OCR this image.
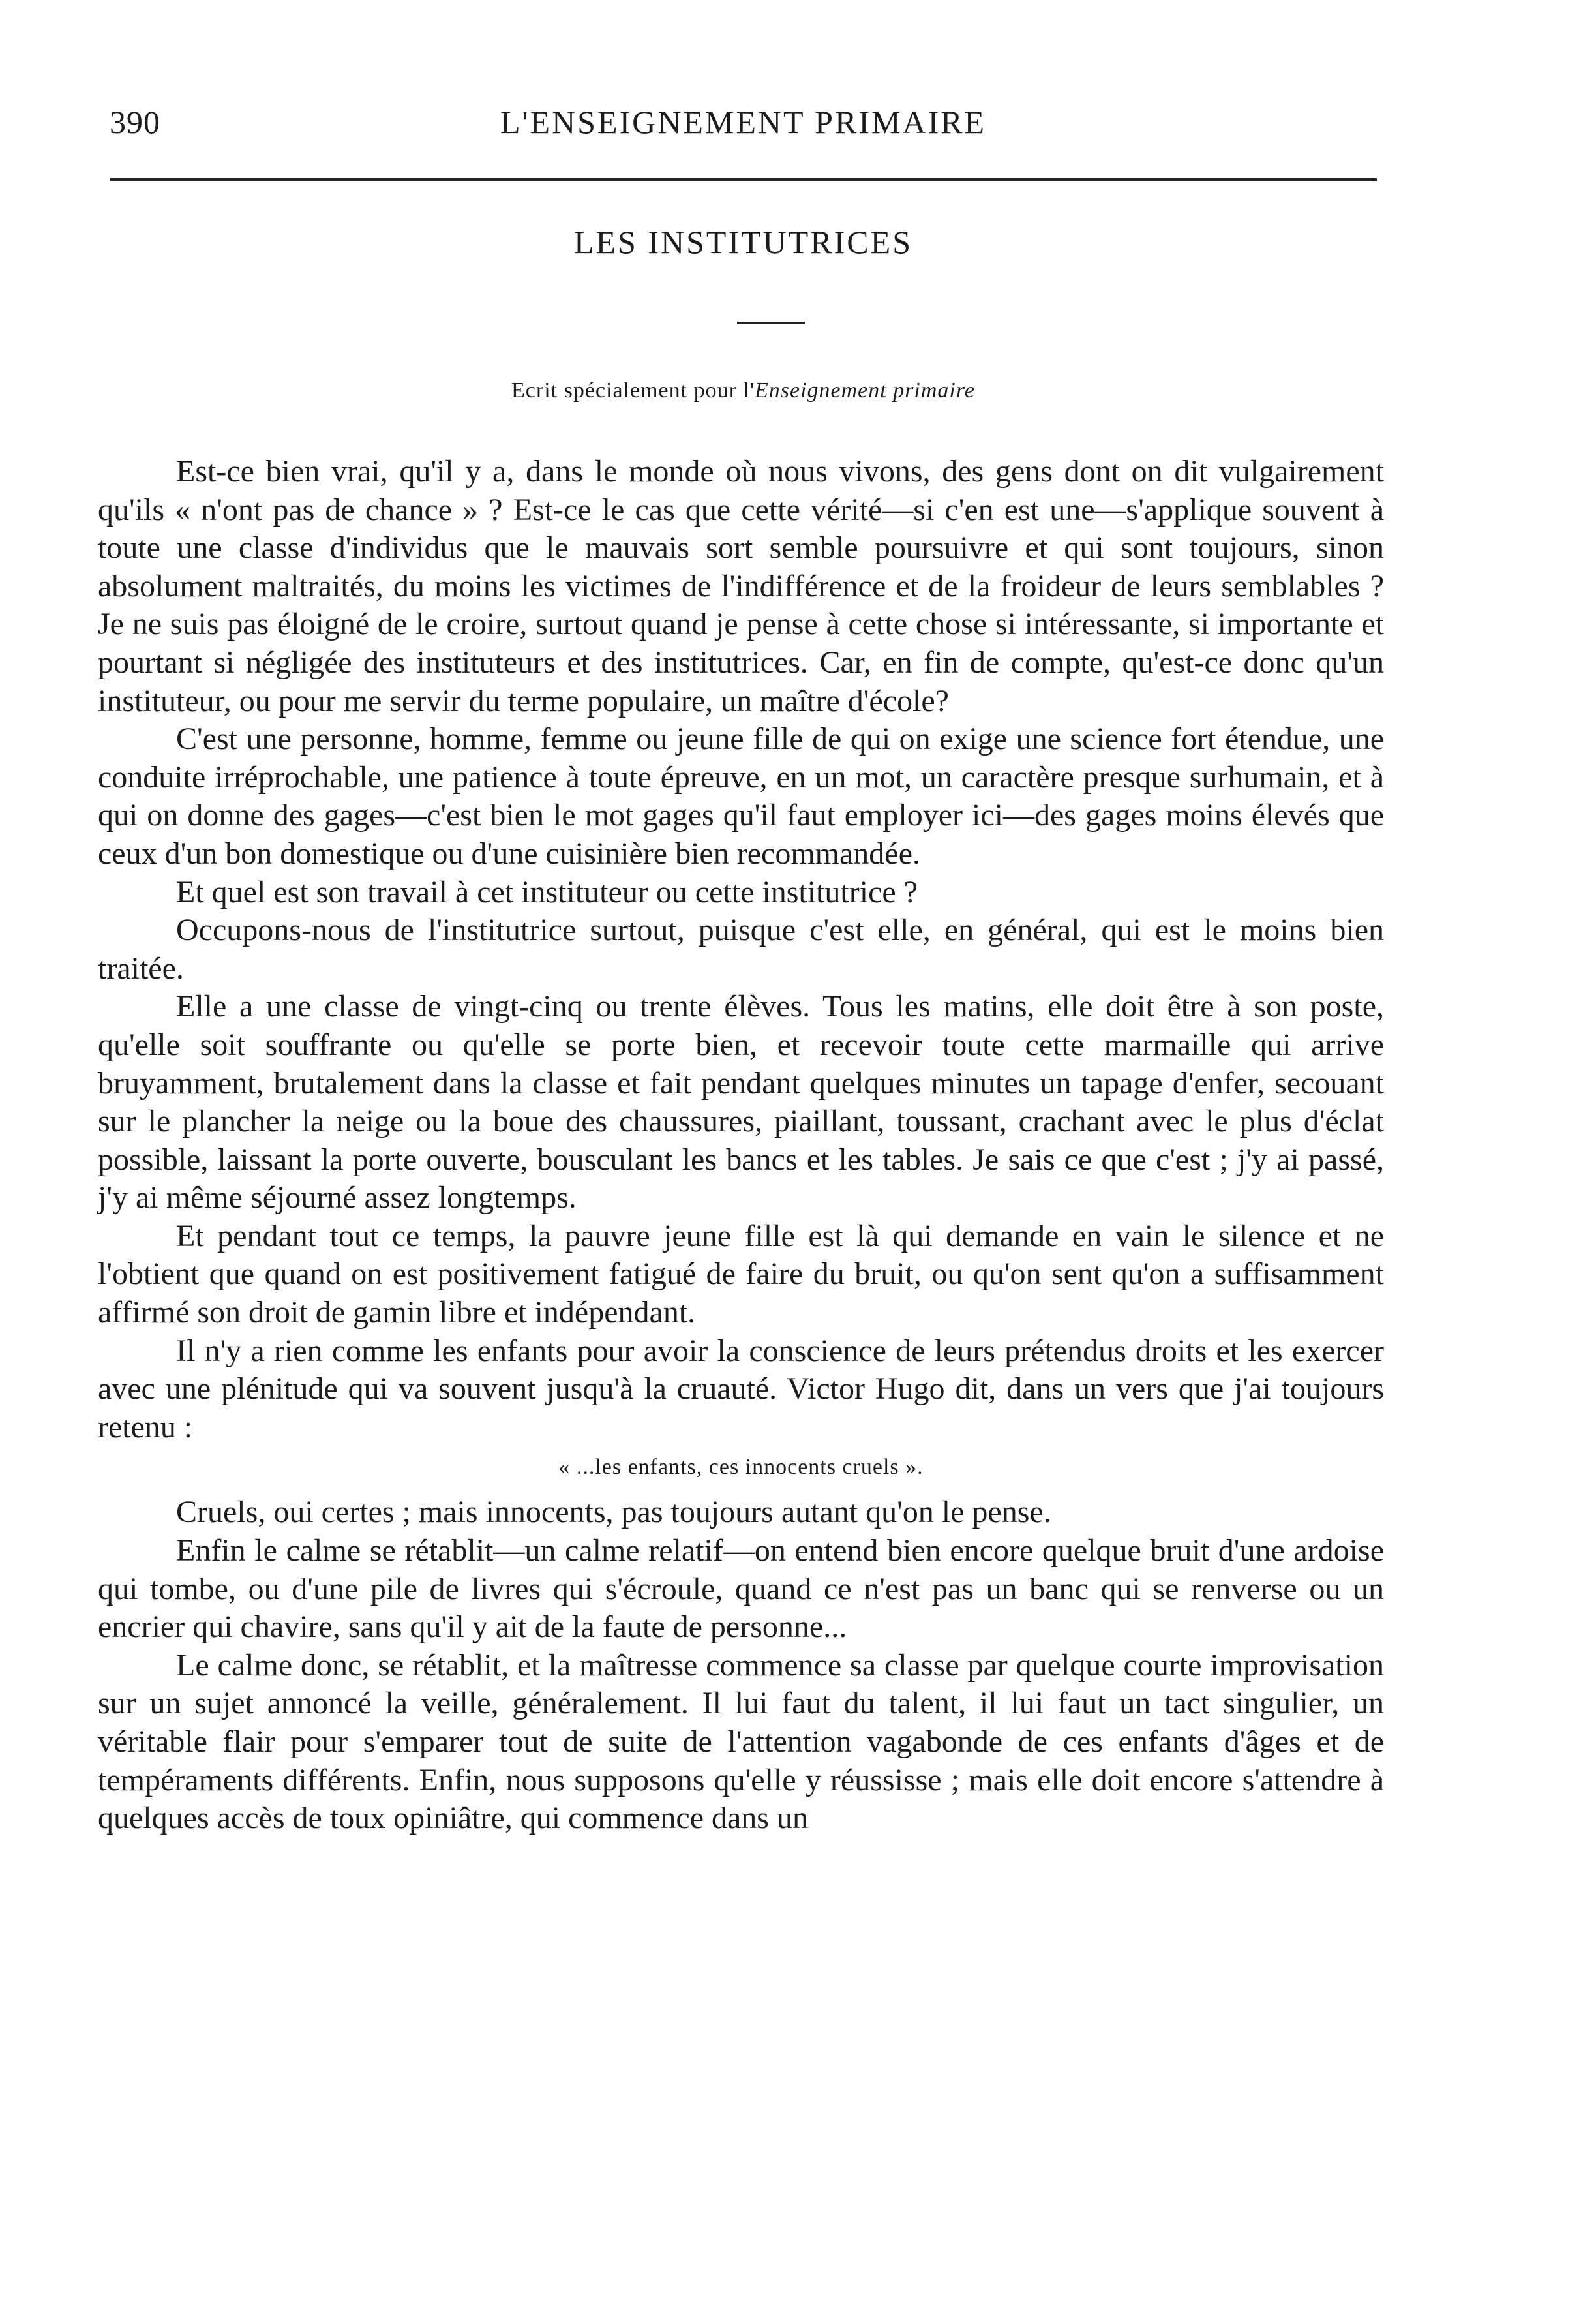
390	L'ENSEIGNEMENT PRIMAIRE
LES INSTITUTRICES
Ecrit spécialement pour l'Enseignement primaire

Est-ce bien vrai, qu'il y a, dans le monde où nous vivons, des gens dont on dit vulgairement qu'ils « n'ont pas de chance » ? Est-ce le cas que cette vérité—si c'en est une—s'applique souvent à toute une classe d'individus que le mauvais sort semble poursuivre et qui sont toujours, sinon absolument maltraités, du moins les victimes de l'indifférence et de la froideur de leurs semblables ? Je ne suis pas éloigné de le croire, surtout quand je pense à cette chose si intéressante, si importante et pourtant si négligée des instituteurs et des institutrices. Car, en fin de compte, qu'est-ce donc qu'un instituteur, ou pour me servir du terme populaire, un maître d'école?

C'est une personne, homme, femme ou jeune fille de qui on exige une science fort étendue, une conduite irréprochable, une patience à toute épreuve, en un mot, un caractère presque surhumain, et à qui on donne des gages—c'est bien le mot gages qu'il faut employer ici—des gages moins élevés que ceux d'un bon domestique ou d'une cuisinière bien recommandée.

Et quel est son travail à cet instituteur ou cette institutrice ?

Occupons-nous de l'institutrice surtout, puisque c'est elle, en général, qui est le moins bien traitée.

Elle a une classe de vingt-cinq ou trente élèves. Tous les matins, elle doit être à son poste, qu'elle soit souffrante ou qu'elle se porte bien, et recevoir toute cette marmaille qui arrive bruyamment, brutalement dans la classe et fait pendant quelques minutes un tapage d'enfer, secouant sur le plancher la neige ou la boue des chaussures, piaillant, toussant, crachant avec le plus d'éclat possible, laissant la porte ouverte, bousculant les bancs et les tables. Je sais ce que c'est ; j'y ai passé, j'y ai même séjourné assez longtemps.

Et pendant tout ce temps, la pauvre jeune fille est là qui demande en vain le silence et ne l'obtient que quand on est positivement fatigué de faire du bruit, ou qu'on sent qu'on a suffisamment affirmé son droit de gamin libre et indépendant.

Il n'y a rien comme les enfants pour avoir la conscience de leurs prétendus droits et les exercer avec une plénitude qui va souvent jusqu'à la cruauté. Victor Hugo dit, dans un vers que j'ai toujours retenu :

« ...les enfants, ces innocents cruels ».

Cruels, oui certes ; mais innocents, pas toujours autant qu'on le pense.

Enfin le calme se rétablit—un calme relatif—on entend bien encore quelque bruit d'une ardoise qui tombe, ou d'une pile de livres qui s'écroule, quand ce n'est pas un banc qui se renverse ou un encrier qui chavire, sans qu'il y ait de la faute de personne...

Le calme donc, se rétablit, et la maîtresse commence sa classe par quelque courte improvisation sur un sujet annoncé la veille, généralement. Il lui faut du talent, il lui faut un tact singulier, un véritable flair pour s'emparer tout de suite de l'attention vagabonde de ces enfants d'âges et de tempéraments différents. Enfin, nous supposons qu'elle y réussisse ; mais elle doit encore s'attendre à quelques accès de toux opiniâtre, qui commence dans un
